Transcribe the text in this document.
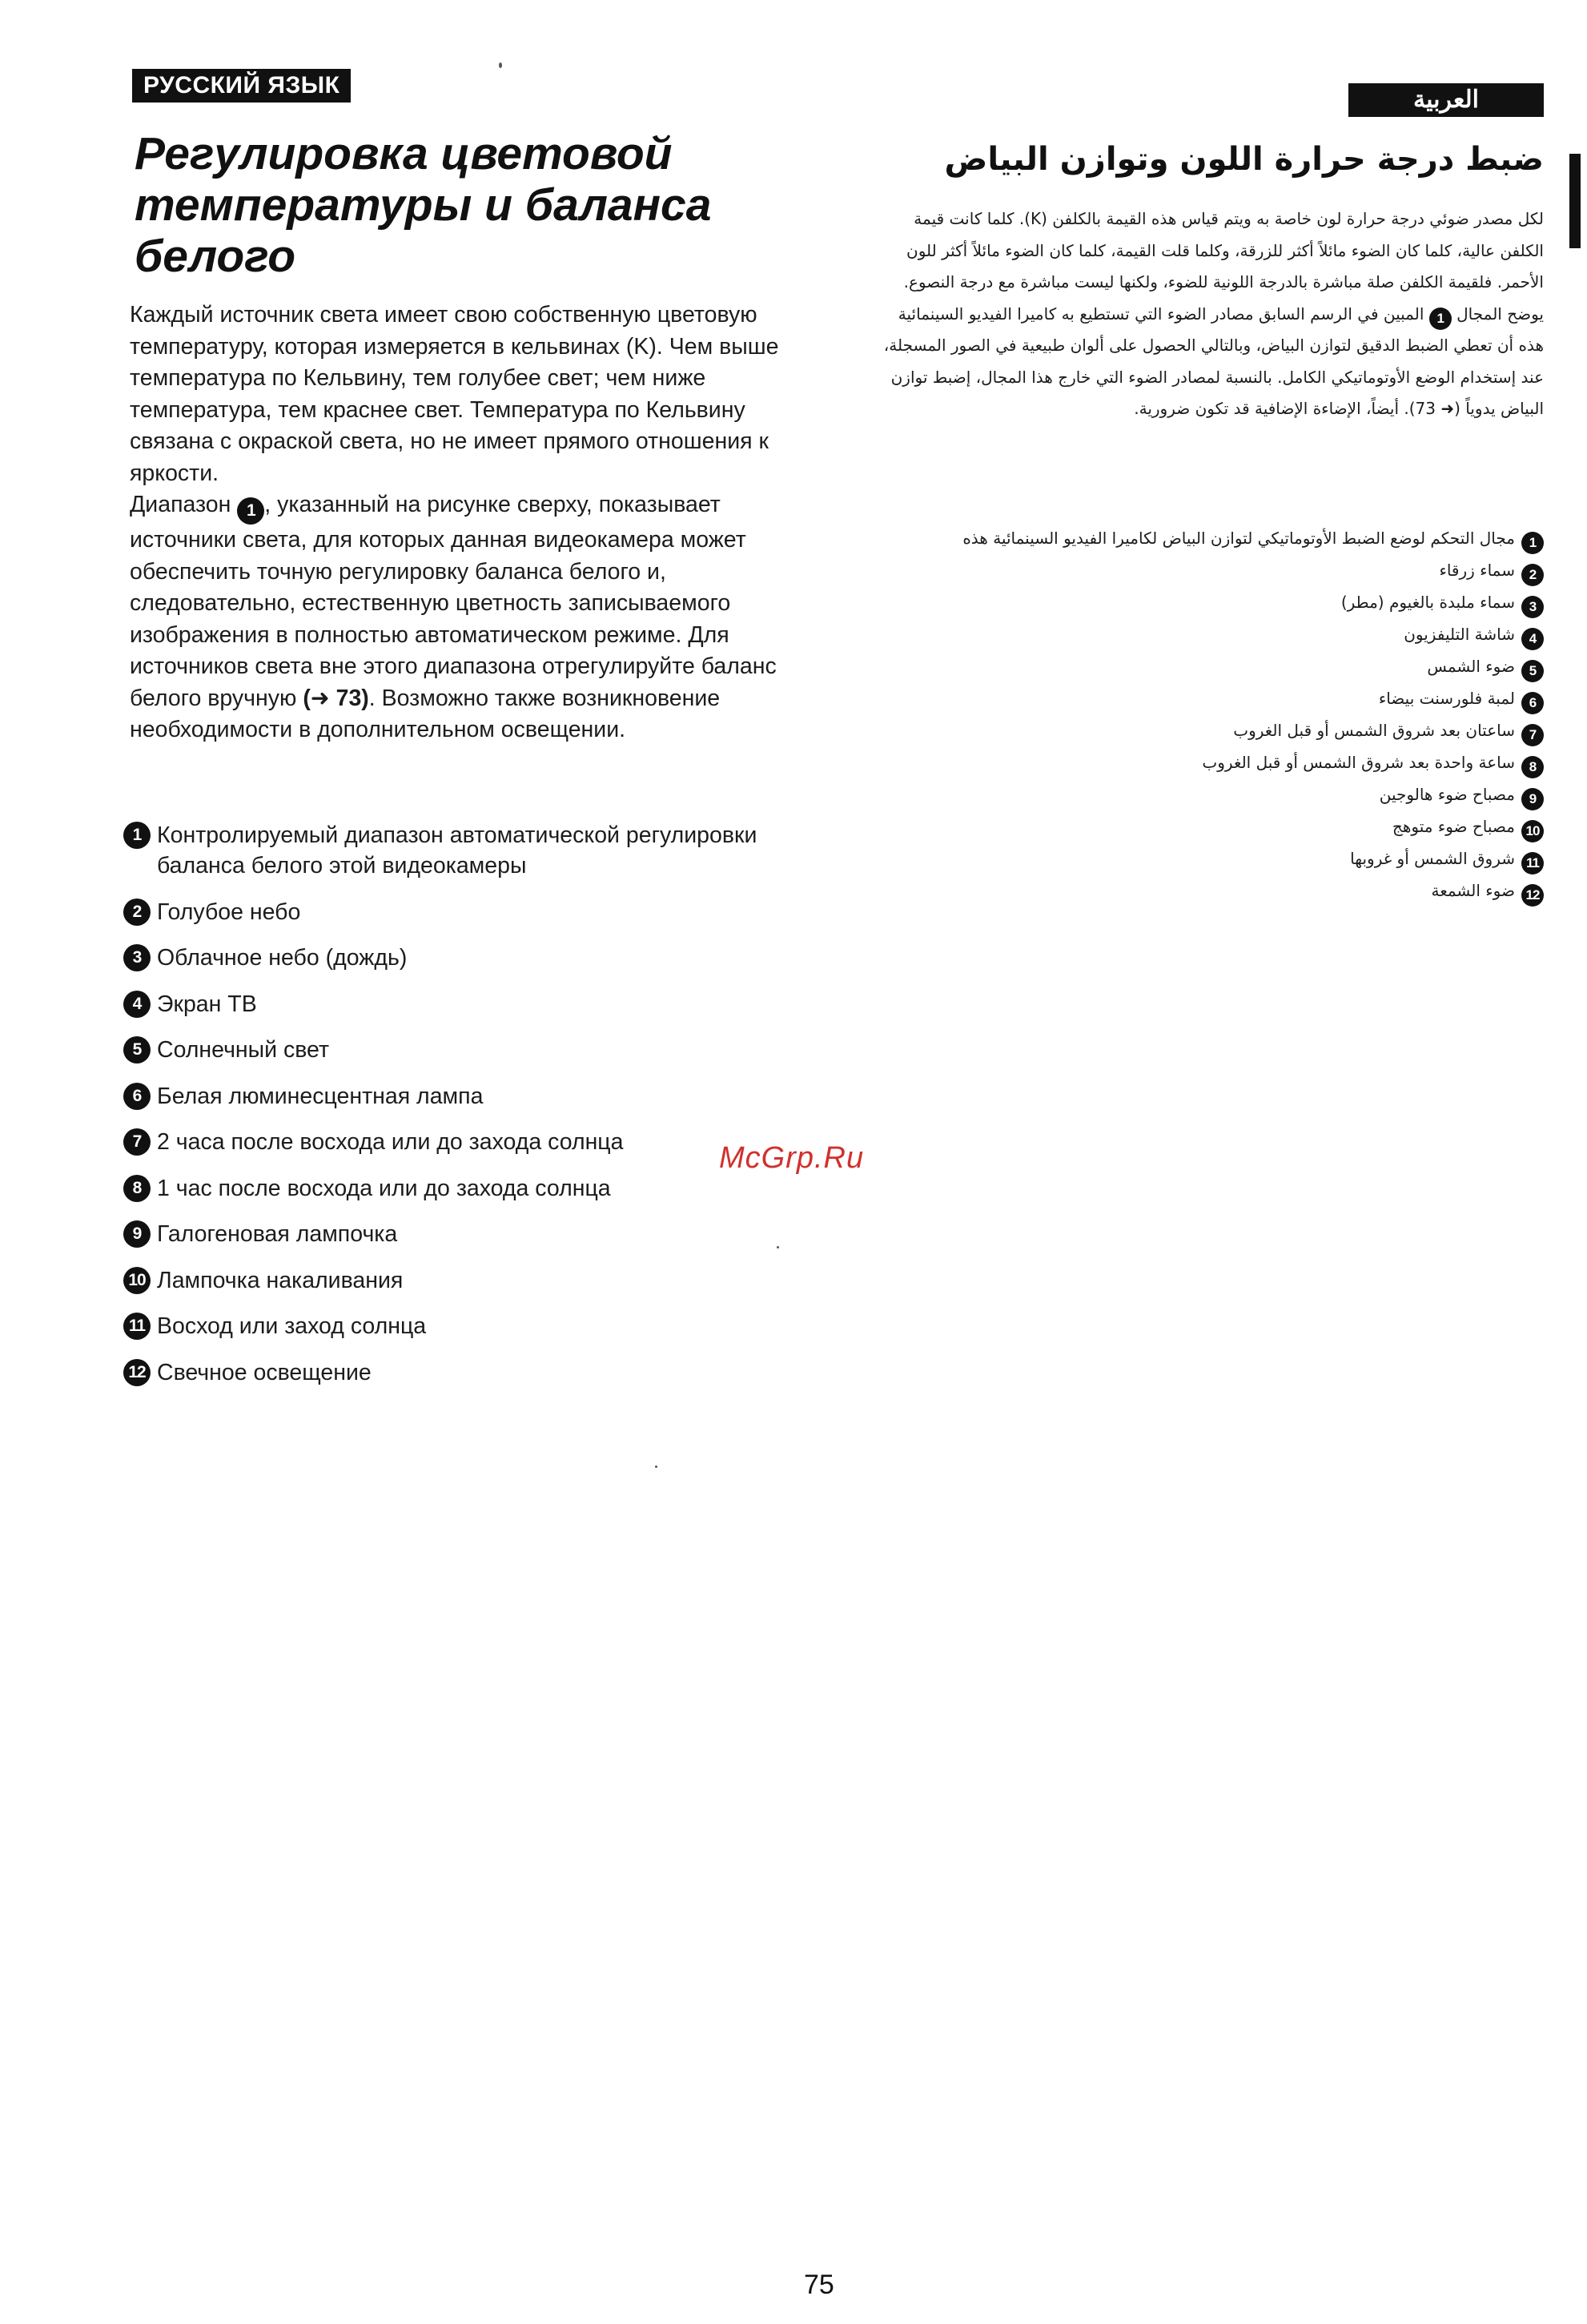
РУССКИЙ ЯЗЫК
العربية
Регулировка цветовой температуры и баланса белого

Каждый источник света имеет свою собственную цветовую температуру, которая измеряется в кельвинах (K). Чем выше температура по Кельвину, тем голубее свет; чем ниже температура, тем краснее свет. Температура по Кельвину связана с окраской света, но не имеет прямого отношения к яркости.

Диапазон 1 , указанный на рисунке сверху, показывает источники света, для которых данная видеокамера может обеспечить точную регулировку баланса белого и, следовательно, естественную цветность записываемого изображения в полностью автоматическом режиме. Для источников света вне этого диапазона отрегулируйте баланс белого вручную (➜ 73). Возможно также возникновение необходимости в дополнительном освещении.

1 Контролируемый диапазон автоматической регулировки баланса белого этой видеокамеры
2 Голубое небо
3 Облачное небо (дождь)
4 Экран ТВ
5 Солнечный свет
6 Белая люминесцентная лампа
7 2 часа после восхода или до захода солнца
8 1 час после восхода или до захода солнца
9 Галогеновая лампочка
10 Лампочка накаливания
11 Восход или заход солнца
12 Свечное освещение
ضبط درجة حرارة اللون وتوازن البياض

لكل مصدر ضوئي درجة حرارة لون خاصة به ويتم قياس هذه القيمة بالكلفن (K). كلما كانت قيمة الكلفن عالية، كلما كان الضوء مائلاً أكثر للزرقة، وكلما قلت القيمة، كلما كان الضوء مائلاً أكثر للون الأحمر. فلقيمة الكلفن صلة مباشرة بالدرجة اللونية للضوء، ولكنها ليست مباشرة مع درجة النصوع.

يوضح المجال 1 المبين في الرسم السابق مصادر الضوء التي تستطيع به كاميرا الفيديو السينمائية هذه أن تعطي الضبط الدقيق لتوازن البياض، وبالتالي الحصول على ألوان طبيعية في الصور المسجلة، عند إستخدام الوضع الأوتوماتيكي الكامل. بالنسبة لمصادر الضوء التي خارج هذا المجال، إضبط توازن البياض يدوياً (➜ 73). أيضاً، الإضاءة الإضافية قد تكون ضرورية.

1مجال التحكم لوضع الضبط الأوتوماتيكي لتوازن البياض لكاميرا الفيديو السينمائية هذه
2سماء زرقاء
3سماء ملبدة بالغيوم (مطر)
4شاشة التليفزيون
5ضوء الشمس
6لمبة فلورسنت بيضاء
7ساعتان بعد شروق الشمس أو قبل الغروب
8ساعة واحدة بعد شروق الشمس أو قبل الغروب
9مصباح ضوء هالوجين
10مصباح ضوء متوهج
11شروق الشمس أو غروبها
12ضوء الشمعة

McGrp.Ru

75
